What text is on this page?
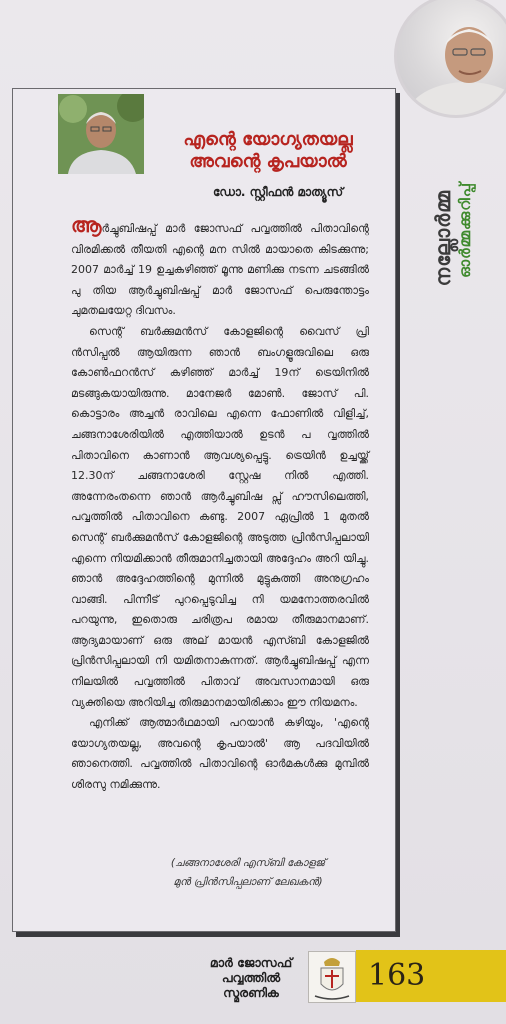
നല്ലോർമ്മ ഓർമ്മക്കുറിപ്പ്
എന്റെ യോഗ്യതയല്ല
അവന്റെ കൃപയാൽ
ഡോ. സ്റ്റീഫൻ മാത്യൂസ്

ആർച്ചുബിഷപ്പ് മാർ ജോസഫ് പവ്വത്തിൽ പിതാവിന്റെ വിരമിക്കൽ തീയതി എന്റെ മന സിൽ മായാതെ കിടക്കുന്നു; 2007 മാർച്ച് 19 ഉച്ചകഴിഞ്ഞ് മൂന്നു മണിക്കു നടന്ന ചടങ്ങിൽ പു തിയ ആർച്ചുബിഷപ്പ് മാർ ജോസഫ് പെരുന്തോട്ടം ചുമതലയേറ്റ ദിവസം.

സെന്റ് ബർക്കുമൻസ് കോളജിന്റെ വൈസ് പ്രി ൻസിപ്പൽ ആയിരുന്ന ഞാൻ ബംഗളൂരുവിലെ ഒരു കോൺഫറൻസ് കഴിഞ്ഞ് മാർച്ച് 19ന് ട്രെയിനിൽ മടങ്ങുകയായിരുന്നു. മാനേജർ മോൺ. ജോസ് പി. കൊട്ടാരം അച്ചൻ രാവിലെ എന്നെ ഫോണിൽ വിളിച്ച്, ചങ്ങനാശേരിയിൽ എത്തിയാൽ ഉടൻ പ വ്വത്തിൽ പിതാവിനെ കാണാൻ ആവശ്യപ്പെട്ടു. ട്രെയിൻ ഉച്ചയ്ക്ക് 12.30ന് ചങ്ങനാശേരി സ്റ്റേഷ നിൽ എത്തി. അന്നേരംതന്നെ ഞാൻ ആർച്ചുബിഷ പ്സ് ഹൗസിലെത്തി, പവ്വത്തിൽ പിതാവിനെ കണ്ടു. 2007 ഏപ്രിൽ 1 മുതൽ സെന്റ് ബർക്കുമൻസ് കോളജിന്റെ അടുത്ത പ്രിൻസിപ്പലായി എന്നെ നിയമിക്കാൻ തീരുമാനിച്ചതായി അദ്ദേഹം അറി യിച്ചു. ഞാൻ അദ്ദേഹത്തിന്റെ മുന്നിൽ മുട്ടുകുത്തി അനുഗ്രഹം വാങ്ങി. പിന്നീട് പുറപ്പെടുവിച്ച നി യമനോത്തരവിൽ പറയുന്നു, ഇതൊരു ചരിത്രപ രമായ തീരുമാനമാണ്. ആദ്യമായാണ് ഒരു അല് മായൻ എസ്ബി കോളജിൽ പ്രിൻസിപ്പലായി നി യമിതനാകുന്നത്. ആർച്ചുബിഷപ്പ് എന്ന നിലയിൽ പവ്വത്തിൽ പിതാവ് അവസാനമായി ഒരു വ്യക്തിയെ അറിയിച്ച തിരുമാനമായിരിക്കാം ഈ നിയമനം.

എനിക്ക് ആത്മാർഥമായി പറയാൻ കഴിയും, 'എന്റെ യോഗ്യതയല്ല, അവന്റെ കൃപയാൽ' ആ പദവിയിൽ ഞാനെത്തി. പവ്വത്തിൽ പിതാവിന്റെ ഓർമകൾക്കു മുമ്പിൽ ശിരസു നമിക്കുന്നു.

(ചങ്ങനാശേരി എസ്ബി കോളജ്
മുൻ പ്രിൻസിപ്പലാണ് ലേഖകൻ)
മാർ ജോസഫ്
പവ്വത്തിൽ
സ്മരണിക	163
